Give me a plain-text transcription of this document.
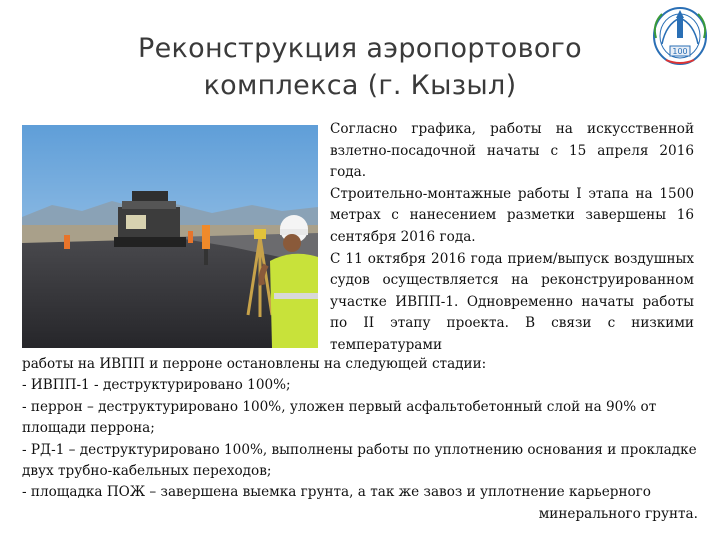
100
Реконструкция аэропортового
комплекса (г. Кызыл)

Согласно графика, работы на искусственной взлетно-посадочной начаты с 15 апреля 2016 года.

Строительно-монтажные работы I этапа на 1500 метрах с нанесением разметки завершены 16 сентября 2016 года.

С 11 октября 2016 года прием/выпуск воздушных судов осуществляется на реконструированном участке ИВПП-1. Одновременно начаты работы по II этапу проекта. В связи с низкими температурами

работы на ИВПП и перроне остановлены на следующей стадии:

- ИВПП-1 - деструктурировано 100%;

- перрон – деструктурировано 100%, уложен первый асфальтобетонный слой на 90% от площади перрона;

- РД-1 – деструктурировано 100%, выполнены работы по уплотнению основания и прокладке двух трубно-кабельных переходов;

- площадка ПОЖ – завершена выемка грунта, а так же завоз и уплотнение карьерного

минерального грунта.
